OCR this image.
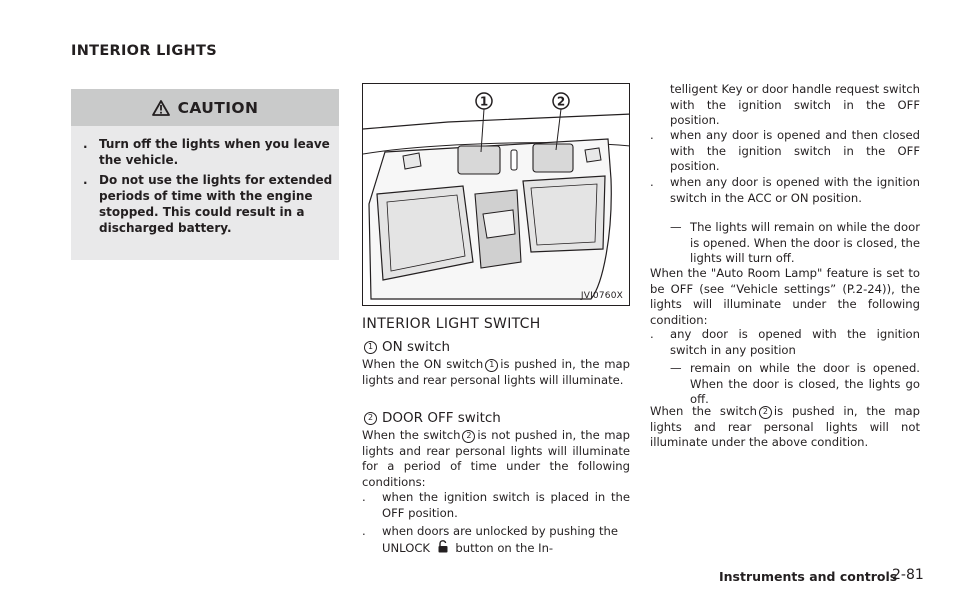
INTERIOR LIGHTS
CAUTION
. Turn off the lights when you leave the vehicle.
. Do not use the lights for extended periods of time with the engine stopped. This could result in a discharged battery.
1	2
JVI0760X
INTERIOR LIGHT SWITCH
1 ON switch
When the ON switch 1 is pushed in, the map lights and rear personal lights will illuminate.
2 DOOR OFF switch
When the switch 2 is not pushed in, the map lights and rear personal lights will illuminate for a period of time under the following conditions:
. when the ignition switch is placed in the OFF position.
. when doors are unlocked by pushing the UNLOCK button on the In-
telligent Key or door handle request switch with the ignition switch in the OFF position.
. when any door is opened and then closed with the ignition switch in the OFF position.
. when any door is opened with the ignition switch in the ACC or ON position.
— The lights will remain on while the door is opened. When the door is closed, the lights will turn off.
When the "Auto Room Lamp" feature is set to be OFF (see “Vehicle settings” (P.2-24)), the lights will illuminate under the following condition:
. any door is opened with the ignition switch in any position
— remain on while the door is opened. When the door is closed, the lights go off.
When the switch 2 is pushed in, the map lights and rear personal lights will not illuminate under the above condition.
Instruments and controls
2-81
